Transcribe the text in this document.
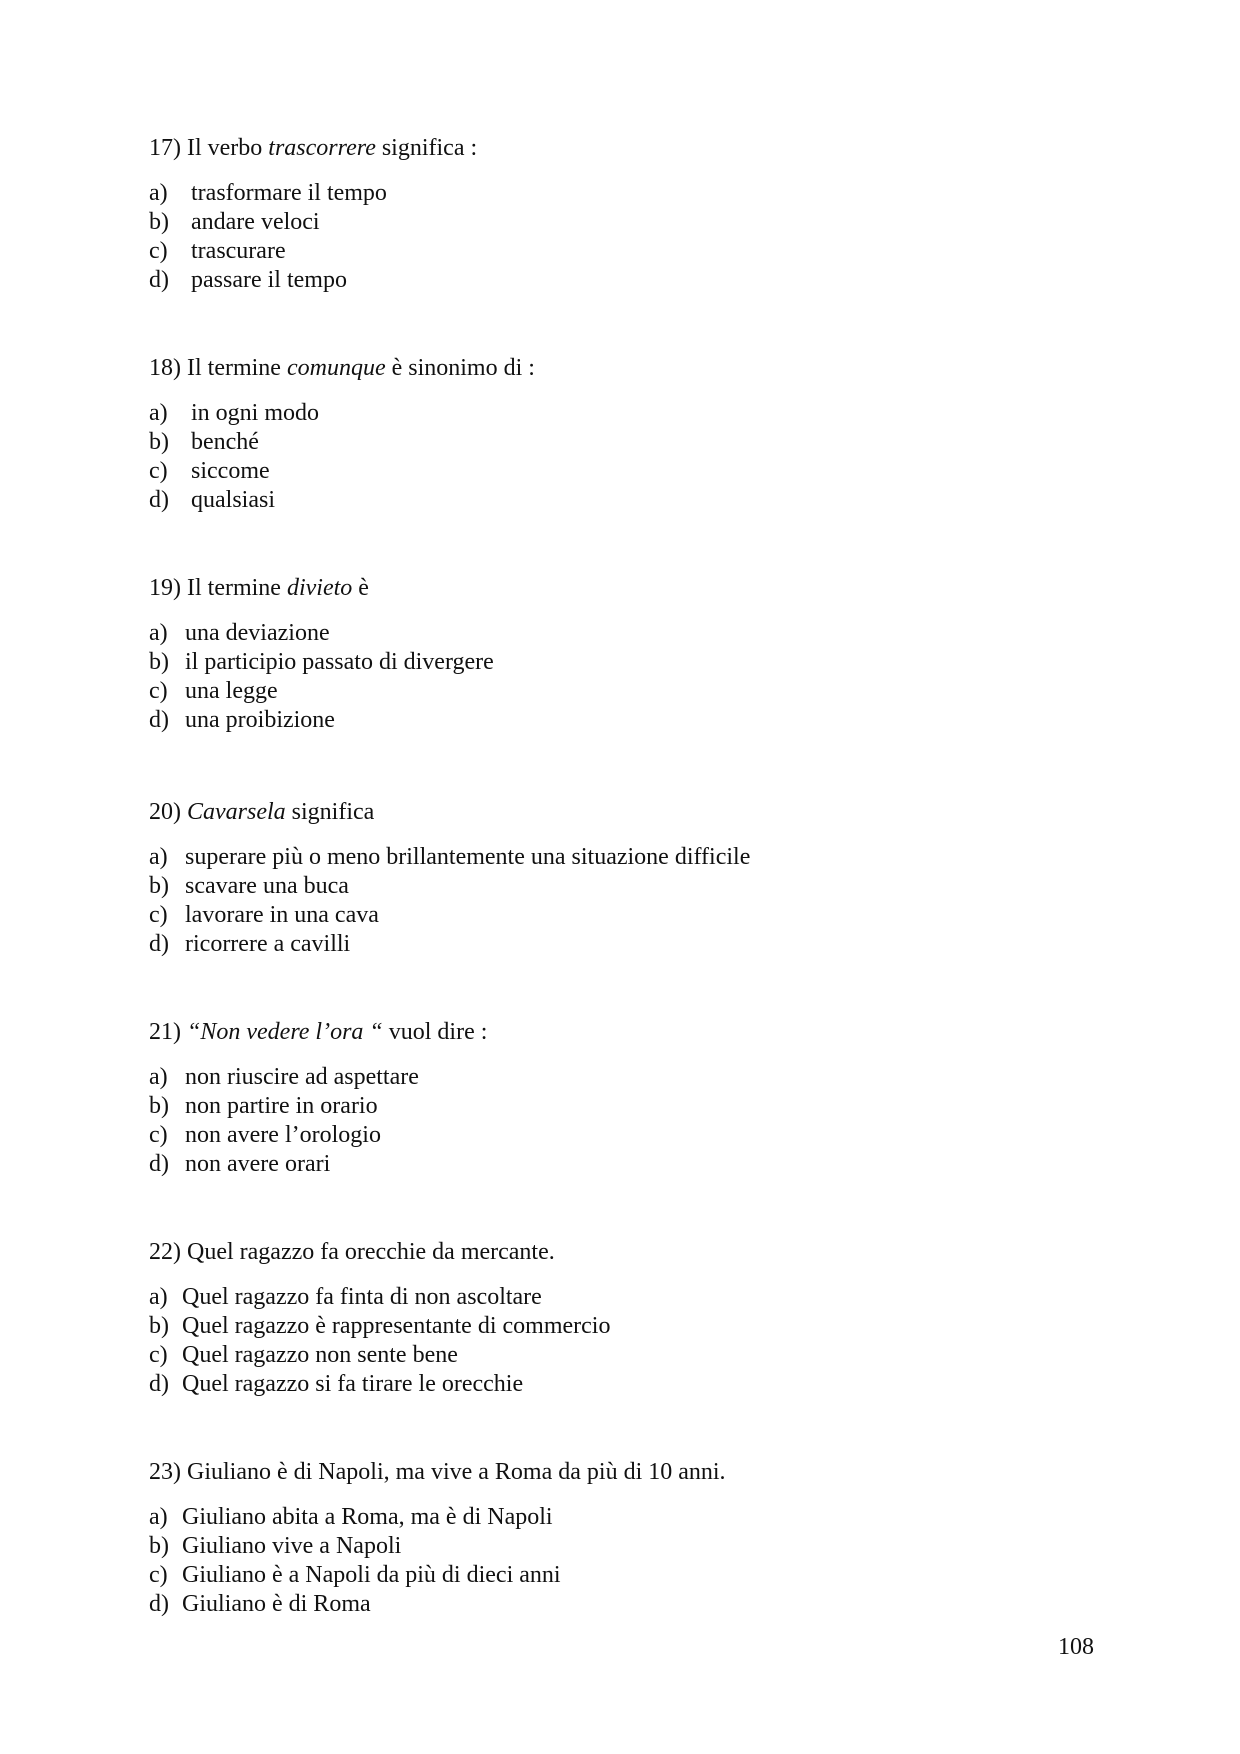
17) Il verbo trascorrere significa :

a) trasformare il tempo
b) andare veloci
c) trascurare
d) passare il tempo

18) Il termine comunque è sinonimo di :

a) in ogni modo
b) benché
c) siccome
d) qualsiasi

19) Il termine divieto è

a) una deviazione
b) il participio passato di divergere
c) una legge
d) una proibizione

20) Cavarsela significa

a) superare più o meno brillantemente una situazione difficile
b) scavare una buca
c) lavorare in una cava
d) ricorrere a cavilli

21) “Non vedere l’ora “ vuol dire :

a) non riuscire ad aspettare
b) non partire in orario
c) non avere l’orologio
d) non avere orari

22) Quel ragazzo fa orecchie da mercante.

a) Quel ragazzo fa finta di non ascoltare
b) Quel ragazzo è rappresentante di commercio
c) Quel ragazzo non sente bene
d) Quel ragazzo si fa tirare le orecchie

23) Giuliano è di Napoli, ma vive a Roma da più di 10 anni.

a) Giuliano abita a Roma, ma è di Napoli
b) Giuliano vive a Napoli
c) Giuliano è a Napoli da più di dieci anni
d) Giuliano è di Roma
108
